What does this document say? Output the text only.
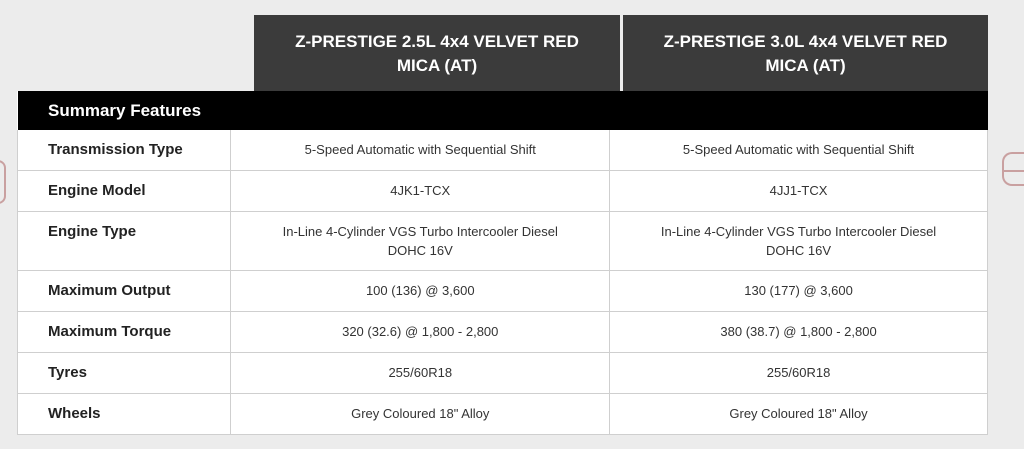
Z-PRESTIGE 2.5L 4x4 VELVET RED MICA (AT)
Z-PRESTIGE 3.0L 4x4 VELVET RED MICA (AT)
Summary Features		
Transmission Type	5-Speed Automatic with Sequential Shift	5-Speed Automatic with Sequential Shift
Engine Model	4JK1-TCX	4JJ1-TCX
Engine Type	In-Line 4-Cylinder VGS Turbo Intercooler Diesel DOHC 16V	In-Line 4-Cylinder VGS Turbo Intercooler Diesel DOHC 16V
Maximum Output	100 (136) @ 3,600	130 (177) @ 3,600
Maximum Torque	320 (32.6) @ 1,800 - 2,800	380 (38.7) @ 1,800 - 2,800
Tyres	255/60R18	255/60R18
Wheels	Grey Coloured 18" Alloy	Grey Coloured 18" Alloy
